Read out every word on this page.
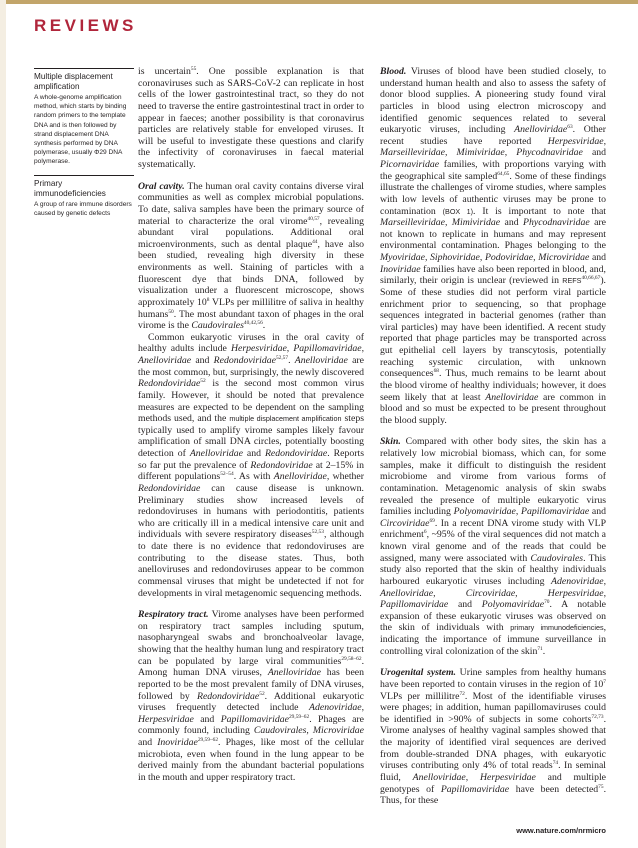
REVIEWS

Multiple displacement amplification

A whole-genome amplification method, which starts by binding random primers to the template DNA and is then followed by strand displacement DNA synthesis performed by DNA polymerase, usually Φ29 DNA polymerase.

Primary immunodeficiencies

A group of rare immune disorders caused by genetic defects

is uncertain$^{55}$. One possible explanation is that coronaviruses such as SARS-CoV-2 can replicate in host cells of the lower gastrointestinal tract, so they do not need to traverse the entire gastrointestinal tract in order to appear in faeces; another possibility is that coronavirus particles are relatively stable for enveloped viruses. It will be useful to investigate these questions and clarify the infectivity of coronaviruses in faecal material systematically.

Oral cavity. The human oral cavity contains diverse viral communities as well as complex microbial populations. To date, saliva samples have been the primary source of material to characterize the oral virome$^{40,57}$, revealing abundant viral populations. Additional oral microenvironments, such as dental plaque$^{44}$, have also been studied, revealing high diversity in these environments as well. Staining of particles with a fluorescent dye that binds DNA, followed by visualization under a fluorescent microscope, shows approximately $10^8$ VLPs per millilitre of saliva in healthy humans$^{50}$. The most abundant taxon of phages in the oral virome is the Caudovirales$^{40,42,56}$.

Common eukaryotic viruses in the oral cavity of healthy adults include Herpesviridae, Papillomaviridae, Anelloviridae and Redondoviridae$^{52,57}$. Anelloviridae are the most common, but, surprisingly, the newly discovered Redondoviridae$^{52}$ is the second most common virus family. However, it should be noted that prevalence measures are expected to be dependent on the sampling methods used, and the multiple displacement amplification steps typically used to amplify virome samples likely favour amplification of small DNA circles, potentially boosting detection of Anelloviridae and Redondoviridae. Reports so far put the prevalence of Redondoviridae at 2–15% in different populations$^{52-54}$. As with Anelloviridae, whether Redondoviridae can cause disease is unknown. Preliminary studies show increased levels of redondoviruses in humans with periodontitis, patients who are critically ill in a medical intensive care unit and individuals with severe respiratory diseases$^{52,53}$, although to date there is no evidence that redondoviruses are contributing to the disease states. Thus, both anelloviruses and redondoviruses appear to be common commensal viruses that might be undetected if not for developments in viral metagenomic sequencing methods.

Respiratory tract. Virome analyses have been performed on respiratory tract samples including sputum, nasopharyngeal swabs and bronchoalveolar lavage, showing that the healthy human lung and respiratory tract can be populated by large viral communities$^{29,58-62}$. Among human DNA viruses, Anelloviridae has been reported to be the most prevalent family of DNA viruses, followed by Redondoviridae$^{52}$. Additional eukaryotic viruses frequently detected include Adenoviridae, Herpesviridae and Papillomaviridae$^{29,59-62}$. Phages are commonly found, including Caudovirales, Microviridae and Inoviridae$^{29,59-62}$. Phages, like most of the cellular microbiota, even when found in the lung appear to be derived mainly from the abundant bacterial populations in the mouth and upper respiratory tract.

Blood. Viruses of blood have been studied closely, to understand human health and also to assess the safety of donor blood supplies. A pioneering study found viral particles in blood using electron microscopy and identified genomic sequences related to several eukaryotic viruses, including Anelloviridae$^{63}$. Other recent studies have reported Herpesviridae, Marseilleviridae, Mimiviridae, Phycodnaviridae and Picornaviridae families, with proportions varying with the geographical site sampled$^{64,65}$. Some of these findings illustrate the challenges of virome studies, where samples with low levels of authentic viruses may be prone to contamination (BOX 1). It is important to note that Marseilleviridae, Mimiviridae and Phycodnaviridae are not known to replicate in humans and may represent environmental contamination. Phages belonging to the Myoviridae, Siphoviridae, Podoviridae, Microviridae and Inoviridae families have also been reported in blood, and, similarly, their origin is unclear (reviewed in REFS$^{40,66,67}$). Some of these studies did not perform viral particle enrichment prior to sequencing, so that prophage sequences integrated in bacterial genomes (rather than viral particles) may have been identified. A recent study reported that phage particles may be transported across gut epithelial cell layers by transcytosis, potentially reaching systemic circulation, with unknown consequences$^{68}$. Thus, much remains to be learnt about the blood virome of healthy individuals; however, it does seem likely that at least Anelloviridae are common in blood and so must be expected to be present throughout the blood supply.

Skin. Compared with other body sites, the skin has a relatively low microbial biomass, which can, for some samples, make it difficult to distinguish the resident microbiome and virome from various forms of contamination. Metagenomic analysis of skin swabs revealed the presence of multiple eukaryotic virus families including Polyomaviridae, Papillomaviridae and Circoviridae$^{69}$. In a recent DNA virome study with VLP enrichment$^6$, ~95% of the viral sequences did not match a known viral genome and of the reads that could be assigned, many were associated with Caudovirales. This study also reported that the skin of healthy individuals harboured eukaryotic viruses including Adenoviridae, Anelloviridae, Circoviridae, Herpesviridae, Papillomaviridae and Polyomaviridae$^{70}$. A notable expansion of these eukaryotic viruses was observed on the skin of individuals with primary immunodeficiencies, indicating the importance of immune surveillance in controlling viral colonization of the skin$^{71}$.

Urogenital system. Urine samples from healthy humans have been reported to contain viruses in the region of $10^7$ VLPs per millilitre$^{72}$. Most of the identifiable viruses were phages; in addition, human papillomaviruses could be identified in >90% of subjects in some cohorts$^{72,73}$. Virome analyses of healthy vaginal samples showed that the majority of identified viral sequences are derived from double-stranded DNA phages, with eukaryotic viruses contributing only 4% of total reads$^{74}$. In seminal fluid, Anelloviridae, Herpesviridae and multiple genotypes of Papillomaviridae have been detected$^{75}$. Thus, for these

www.nature.com/nrmicro
